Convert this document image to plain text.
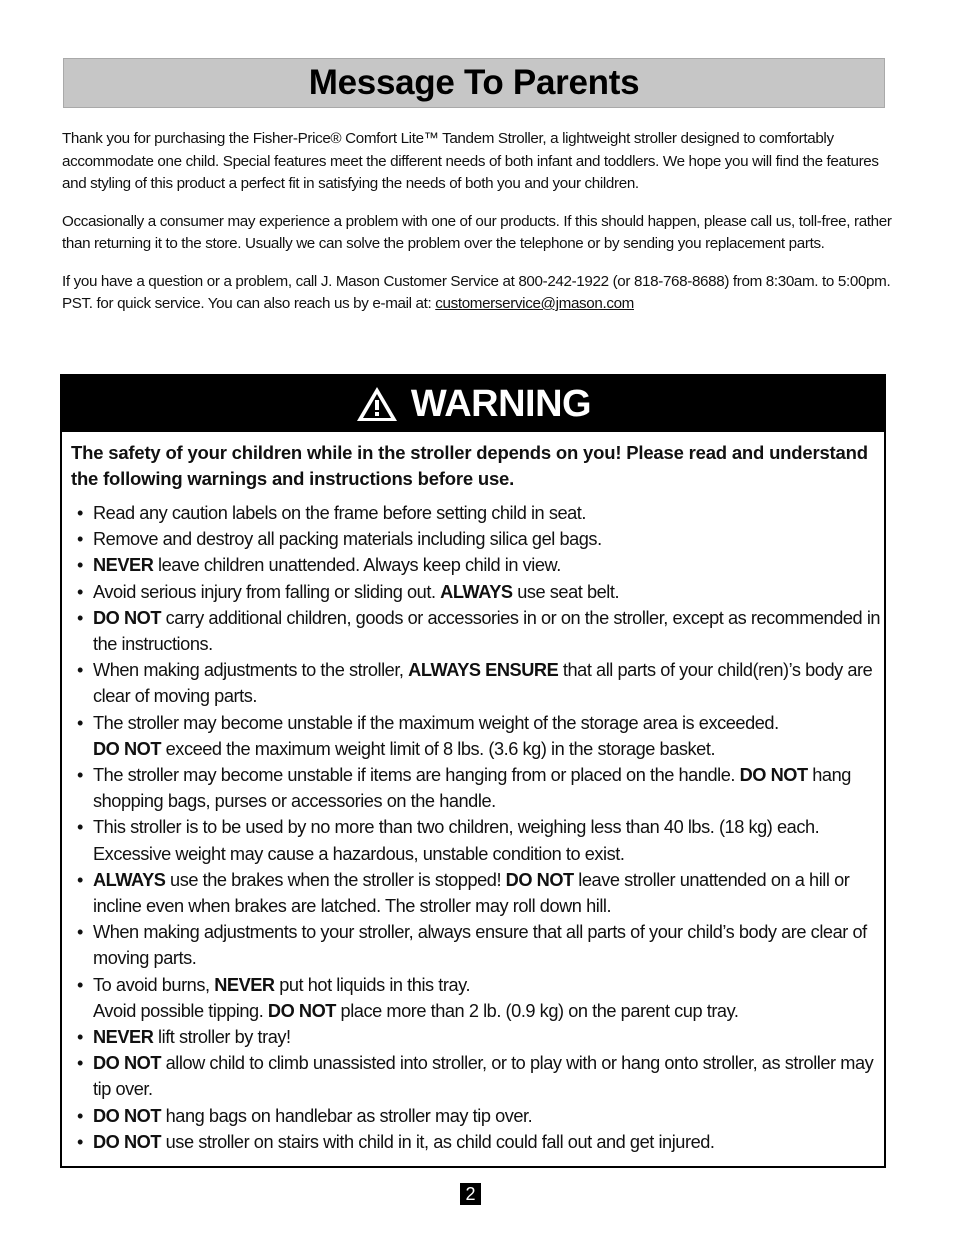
Message To Parents

Thank you for purchasing the Fisher-Price® Comfort Lite™ Tandem Stroller, a lightweight stroller designed to comfortably accommodate one child. Special features meet the different needs of both infant and toddlers. We hope you will find the features and styling of this product a perfect fit in satisfying the needs of both you and your children.

Occasionally a consumer may experience a problem with one of our products. If this should happen, please call us, toll-free, rather than returning it to the store. Usually we can solve the problem over the telephone or by sending you replacement parts.

If you have a question or a problem, call J. Mason Customer Service at 800-242-1922 (or 818-768-8688) from 8:30am. to 5:00pm. PST. for quick service. You can also reach us by e-mail at: customerservice@jmason.com

WARNING
The safety of your children while in the stroller depends on you! Please read and understand the following warnings and instructions before use.
• Read any caution labels on the frame before setting child in seat.
• Remove and destroy all packing materials including silica gel bags.
• NEVER leave children unattended. Always keep child in view.
• Avoid serious injury from falling or sliding out. ALWAYS use seat belt.
• DO NOT carry additional children, goods or accessories in or on the stroller, except as recommended in the instructions.
• When making adjustments to the stroller, ALWAYS ENSURE that all parts of your child(ren)’s body are clear of moving parts.
• The stroller may become unstable if the maximum weight of the storage area is exceeded.
DO NOT exceed the maximum weight limit of 8 lbs. (3.6 kg) in the storage basket.
• The stroller may become unstable if items are hanging from or placed on the handle. DO NOT hang shopping bags, purses or accessories on the handle.
• This stroller is to be used by no more than two children, weighing less than 40 lbs. (18 kg) each. Excessive weight may cause a hazardous, unstable condition to exist.
• ALWAYS use the brakes when the stroller is stopped! DO NOT leave stroller unattended on a hill or incline even when brakes are latched. The stroller may roll down hill.
• When making adjustments to your stroller, always ensure that all parts of your child’s body are clear of moving parts.
• To avoid burns, NEVER put hot liquids in this tray.
Avoid possible tipping. DO NOT place more than 2 lb. (0.9 kg) on the parent cup tray.
• NEVER lift stroller by tray!
• DO NOT allow child to climb unassisted into stroller, or to play with or hang onto stroller, as stroller may tip over.
• DO NOT hang bags on handlebar as stroller may tip over.
• DO NOT use stroller on stairs with child in it, as child could fall out and get injured.
2
